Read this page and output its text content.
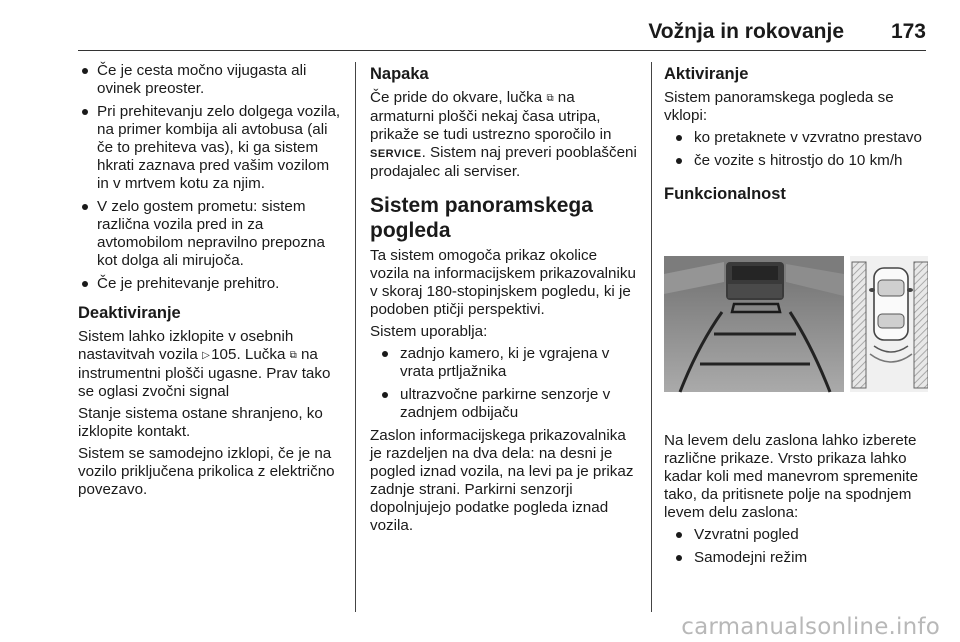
Vožnja in rokovanje 173
Če je cesta močno vijugasta ali ovinek preoster.
Pri prehitevanju zelo dolgega vozila, na primer kombija ali avtobusa (ali če to prehiteva vas), ki ga sistem hkrati zaznava pred vašim vozilom in v mrtvem kotu za njim.
V zelo gostem prometu: sistem različna vozila pred in za avtomobilom nepravilno prepozna kot dolga ali mirujoča.
Če je prehitevanje prehitro.
Deaktiviranje

Sistem lahko izklopite v osebnih nastavitvah vozila ▷ 105. Lučka ⧉ na instrumentni plošči ugasne. Prav tako se oglasi zvočni signal

Stanje sistema ostane shranjeno, ko izklopite kontakt.

Sistem se samodejno izklopi, če je na vozilo priključena prikolica z električno povezavo.

Napaka

Če pride do okvare, lučka ⧉ na armaturni plošči nekaj časa utripa, prikaže se tudi ustrezno sporočilo in SERVICE. Sistem naj preveri pooblaščeni prodajalec ali serviser.

Sistem panoramskega pogleda

Ta sistem omogoča prikaz okolice vozila na informacijskem prikazovalniku v skoraj 180-stopinjskem pogledu, ki je podoben ptičji perspektivi.

Sistem uporablja:

zadnjo kamero, ki je vgrajena v vrata prtljažnika
ultrazvočne parkirne senzorje v zadnjem odbijaču

Zaslon informacijskega prikazovalnika je razdeljen na dva dela: na desni je pogled iznad vozila, na levi pa je prikaz zadnje strani. Parkirni senzorji dopolnjujejo podatke pogleda iznad vozila.

Aktiviranje

Sistem panoramskega pogleda se vklopi:

ko pretaknete v vzvratno prestavo
če vozite s hitrostjo do 10 km/h
Funkcionalnost

Na levem delu zaslona lahko izberete različne prikaze. Vrsto prikaza lahko kadar koli med manevrom spremenite tako, da pritisnete polje na spodnjem levem delu zaslona:

Vzvratni pogled
Samodejni režim
carmanualsonline.info
